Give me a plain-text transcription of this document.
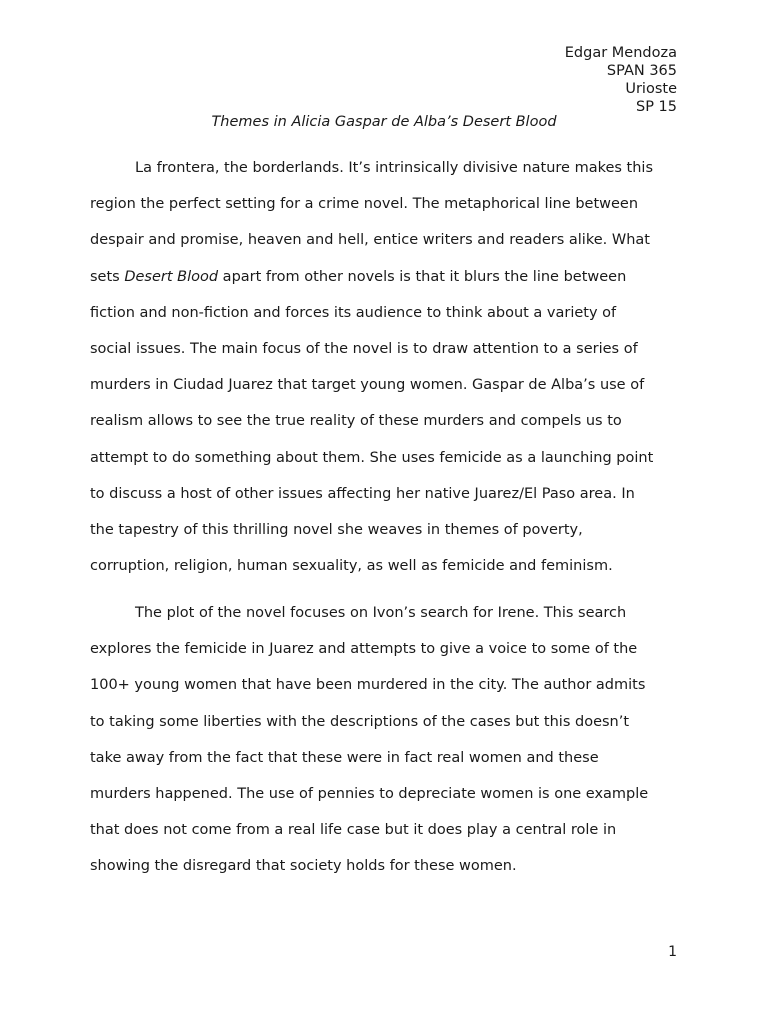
Edgar Mendoza
SPAN 365
Urioste
SP 15
Themes in Alicia Gaspar de Alba’s Desert Blood
La frontera, the borderlands. It’s intrinsically divisive nature makes this
region the perfect setting for a crime novel. The metaphorical line between
despair and promise, heaven and hell, entice writers and readers alike. What
sets Desert Blood apart from other novels is that it blurs the line between
fiction and non-fiction and forces its audience to think about a variety of
social issues. The main focus of the novel is to draw attention to a series of
murders in Ciudad Juarez that target young women. Gaspar de Alba’s use of
realism allows to see the true reality of these murders and compels us to
attempt to do something about them. She uses femicide as a launching point
to discuss a host of other issues affecting her native Juarez/El Paso area. In
the tapestry of this thrilling novel she weaves in themes of poverty,
corruption, religion, human sexuality, as well as femicide and feminism.
The plot of the novel focuses on Ivon’s search for Irene. This search
explores the femicide in Juarez and attempts to give a voice to some of the
100+ young women that have been murdered in the city. The author admits
to taking some liberties with the descriptions of the cases but this doesn’t
take away from the fact that these were in fact real women and these
murders happened. The use of pennies to depreciate women is one example
that does not come from a real life case but it does play a central role in
showing the disregard that society holds for these women.
1
